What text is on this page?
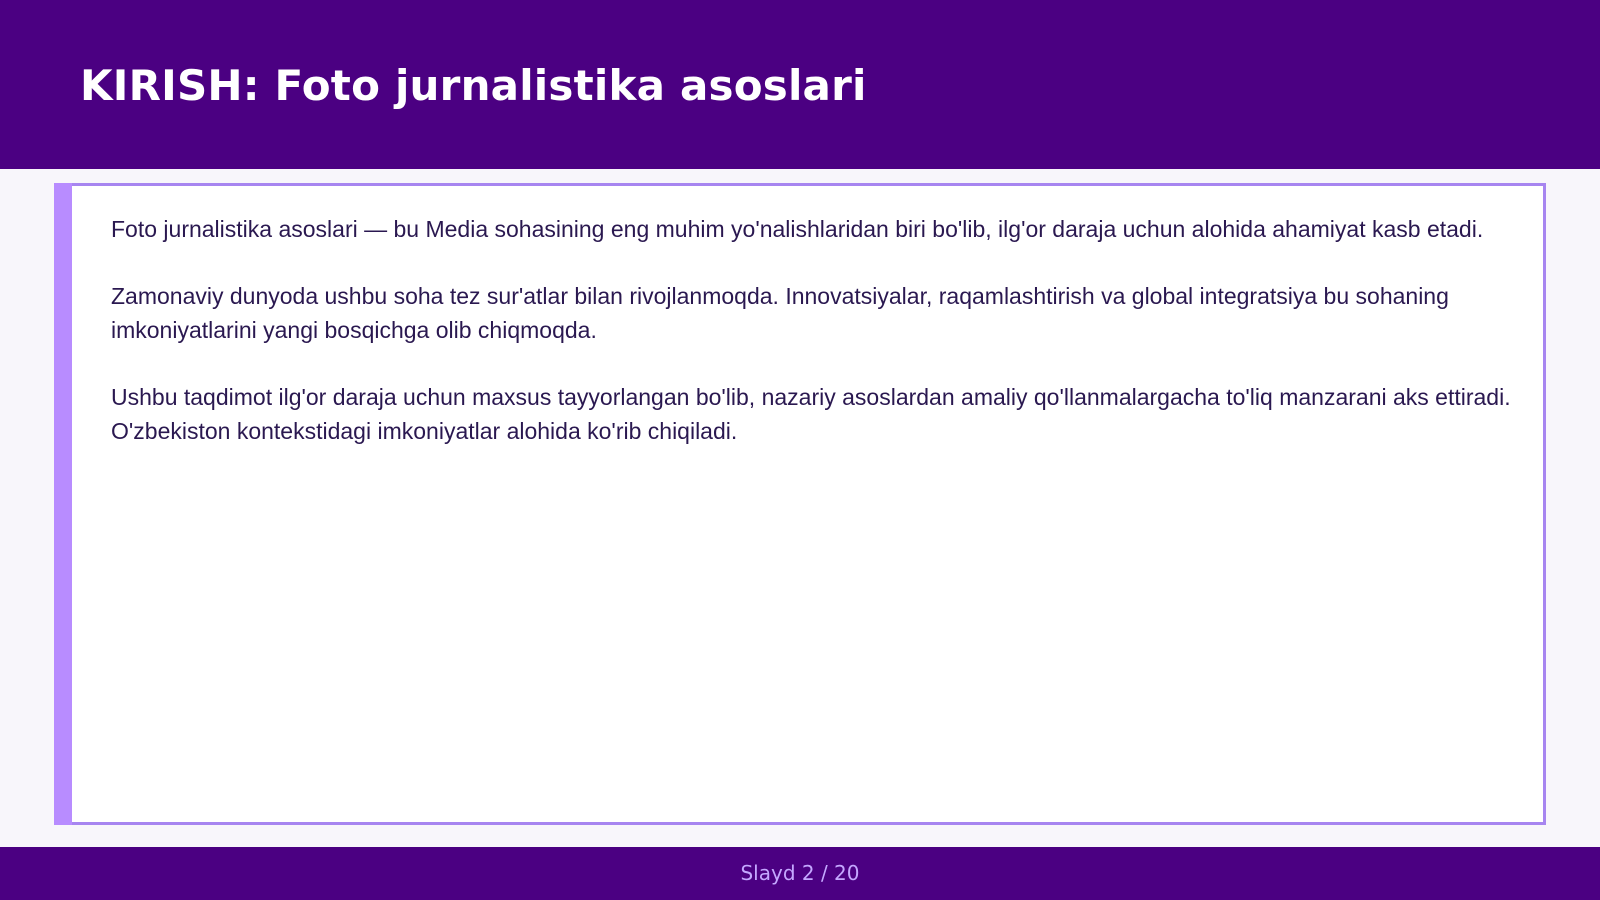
KIRISH: Foto jurnalistika asoslari

Foto jurnalistika asoslari — bu Media sohasining eng muhim yo'nalishlaridan biri bo'lib, ilg'or daraja uchun alohida ahamiyat kasb etadi.

Zamonaviy dunyoda ushbu soha tez sur'atlar bilan rivojlanmoqda. Innovatsiyalar, raqamlashtirish va global integratsiya bu sohaning imkoniyatlarini yangi bosqichga olib chiqmoqda.

Ushbu taqdimot ilg'or daraja uchun maxsus tayyorlangan bo'lib, nazariy asoslardan amaliy qo'llanmalargacha to'liq manzarani aks ettiradi. O'zbekiston kontekstidagi imkoniyatlar alohida ko'rib chiqiladi.

Slayd 2 / 20
